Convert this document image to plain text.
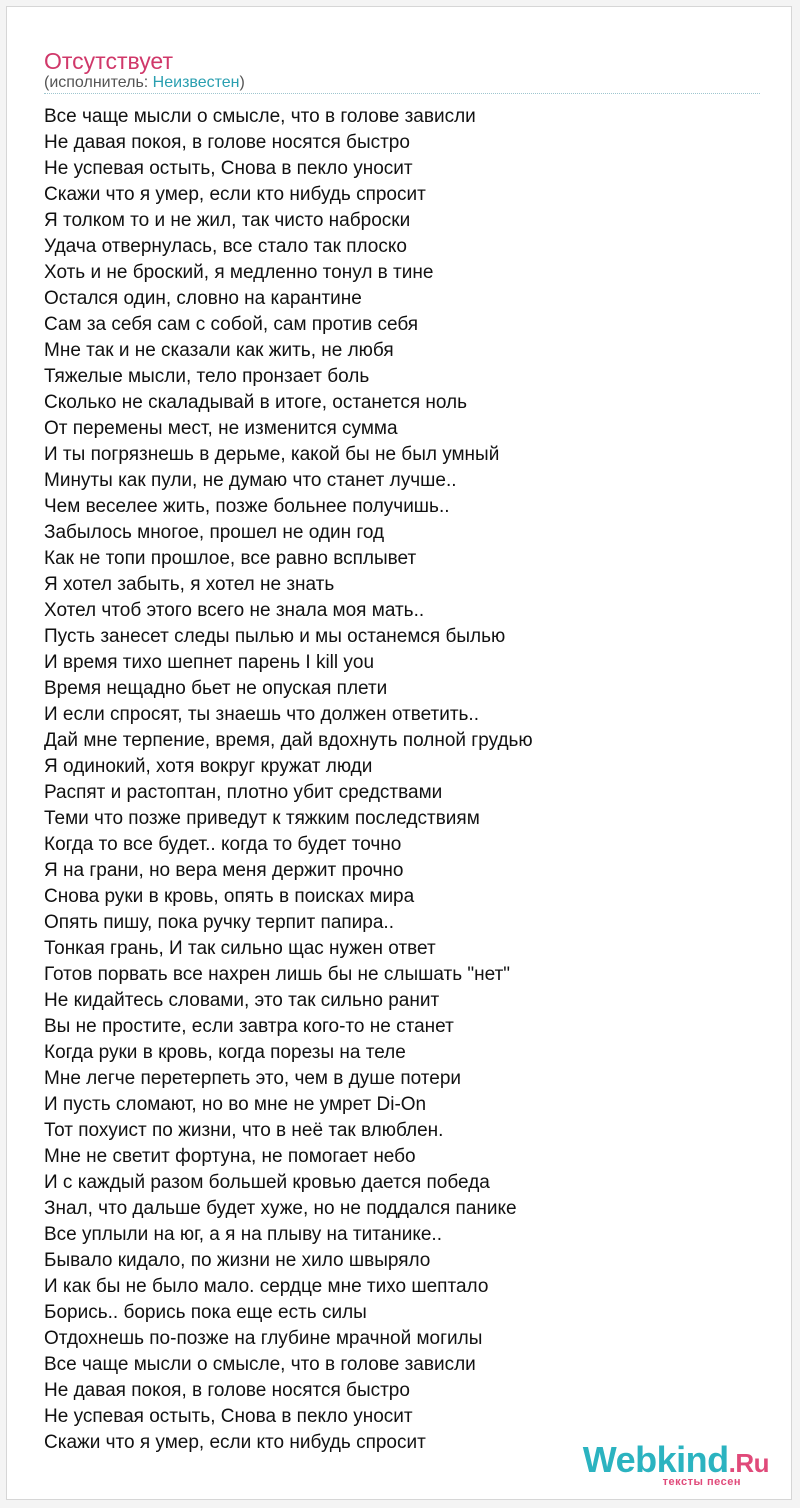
Отсутствует
(исполнитель: Неизвестен)
Все чаще мысли о смысле, что в голове зависли
Не давая покоя, в голове носятся быстро
Не успевая остыть, Снова в пекло уносит
Скажи что я умер, если кто нибудь спросит
Я толком то и не жил, так чисто наброски
Удача отвернулась, все стало так плоско
Хоть и не броский, я медленно тонул в тине
Остался один, словно на карантине
Сам за себя сам с собой, сам против себя
Мне так и не сказали как жить, не любя
Тяжелые мысли, тело пронзает боль
Сколько не скаладывай в итоге, останется ноль
От перемены мест, не изменится сумма
И ты погрязнешь в дерьме, какой бы не был умный
Минуты как пули, не думаю что станет лучше..
Чем веселее жить, позже больнее получишь..
Забылось многое, прошел не один год
Как не топи прошлое, все равно всплывет
Я хотел забыть, я хотел не знать
Хотел чтоб этого всего не знала моя мать..
Пусть занесет следы пылью и мы останемся былью
И время тихо шепнет парень I kill you
Время нещадно бьет не опуская плети
И если спросят, ты знаешь что должен ответить..
Дай мне терпение, время, дай вдохнуть полной грудью
Я одинокий, хотя вокруг кружат люди
Распят и растоптан, плотно убит средствами
Теми что позже приведут к тяжким последствиям
Когда то все будет.. когда то будет точно
Я на грани, но вера меня держит прочно
Снова руки в кровь, опять в поисках мира
Опять пишу, пока ручку терпит папира..
Тонкая грань, И так сильно щас нужен ответ
Готов порвать все нахрен лишь бы не слышать "нет"
Не кидайтесь словами, это так сильно ранит
Вы не простите, если завтра кого-то не станет
Когда руки в кровь, когда порезы на теле
Мне легче перетерпеть это, чем в душе потери
И пусть сломают, но во мне не умрет Di-On
Тот похуист по жизни, что в неё так влюблен.
Мне не светит фортуна, не помогает небо
И с каждый разом большей кровью дается победа
Знал, что дальше будет хуже, но не поддался панике
Все уплыли на юг, а я на плыву на титанике..
Бывало кидало, по жизни не хило швыряло
И как бы не было мало. сердце мне тихо шептало
Борись.. борись пока еще есть силы
Отдохнешь по-позже на глубине мрачной могилы
Все чаще мысли о смысле, что в голове зависли
Не давая покоя, в голове носятся быстро
Не успевая остыть, Снова в пекло уносит
Скажи что я умер, если кто нибудь спросит	Webkind.Ru
тексты песен
